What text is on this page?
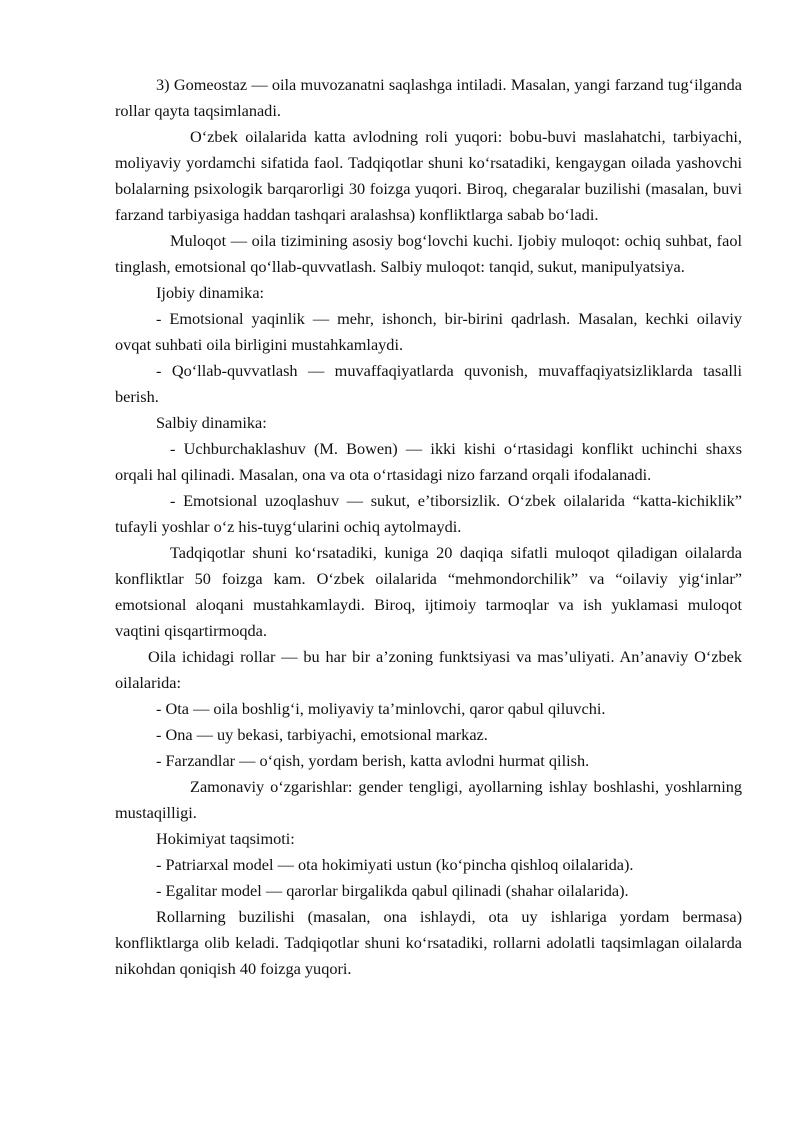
3) Gomeostaz — oila muvozanatni saqlashga intiladi. Masalan, yangi farzand tug‘ilganda rollar qayta taqsimlanadi.

O‘zbek oilalarida katta avlodning roli yuqori: bobu-buvi maslahatchi, tarbiyachi, moliyaviy yordamchi sifatida faol. Tadqiqotlar shuni ko‘rsatadiki, kengaygan oilada yashovchi bolalarning psixologik barqarorligi 30 foizga yuqori. Biroq, chegaralar buzilishi (masalan, buvi farzand tarbiyasiga haddan tashqari aralashsa) konfliktlarga sabab bo‘ladi.

Muloqot — oila tizimining asosiy bog‘lovchi kuchi. Ijobiy muloqot: ochiq suhbat, faol tinglash, emotsional qo‘llab-quvvatlash. Salbiy muloqot: tanqid, sukut, manipulyatsiya.

Ijobiy dinamika:

- Emotsional yaqinlik — mehr, ishonch, bir-birini qadrlash. Masalan, kechki oilaviy ovqat suhbati oila birligini mustahkamlaydi.

- Qo‘llab-quvvatlash — muvaffaqiyatlarda quvonish, muvaffaqiyatsizliklarda tasalli berish.

Salbiy dinamika:

- Uchburchaklashuv (M. Bowen) — ikki kishi o‘rtasidagi konflikt uchinchi shaxs orqali hal qilinadi. Masalan, ona va ota o‘rtasidagi nizo farzand orqali ifodalanadi.

- Emotsional uzoqlashuv — sukut, e’tiborsizlik. O‘zbek oilalarida “katta-kichiklik” tufayli yoshlar o‘z his-tuyg‘ularini ochiq aytolmaydi.

Tadqiqotlar shuni ko‘rsatadiki, kuniga 20 daqiqa sifatli muloqot qiladigan oilalarda konfliktlar 50 foizga kam. O‘zbek oilalarida “mehmondorchilik” va “oilaviy yig‘inlar” emotsional aloqani mustahkamlaydi. Biroq, ijtimoiy tarmoqlar va ish yuklamasi muloqot vaqtini qisqartirmoqda.

Oila ichidagi rollar — bu har bir a’zoning funktsiyasi va mas’uliyati. An’anaviy O‘zbek oilalarida:

- Ota — oila boshlig‘i, moliyaviy ta’minlovchi, qaror qabul qiluvchi.

- Ona — uy bekasi, tarbiyachi, emotsional markaz.

- Farzandlar — o‘qish, yordam berish, katta avlodni hurmat qilish.

Zamonaviy o‘zgarishlar: gender tengligi, ayollarning ishlay boshlashi, yoshlarning mustaqilligi.

Hokimiyat taqsimoti:

- Patriarxal model — ota hokimiyati ustun (ko‘pincha qishloq oilalarida).

- Egalitar model — qarorlar birgalikda qabul qilinadi (shahar oilalarida).

Rollarning buzilishi (masalan, ona ishlaydi, ota uy ishlariga yordam bermasa) konfliktlarga olib keladi. Tadqiqotlar shuni ko‘rsatadiki, rollarni adolatli taqsimlagan oilalarda nikohdan qoniqish 40 foizga yuqori.
